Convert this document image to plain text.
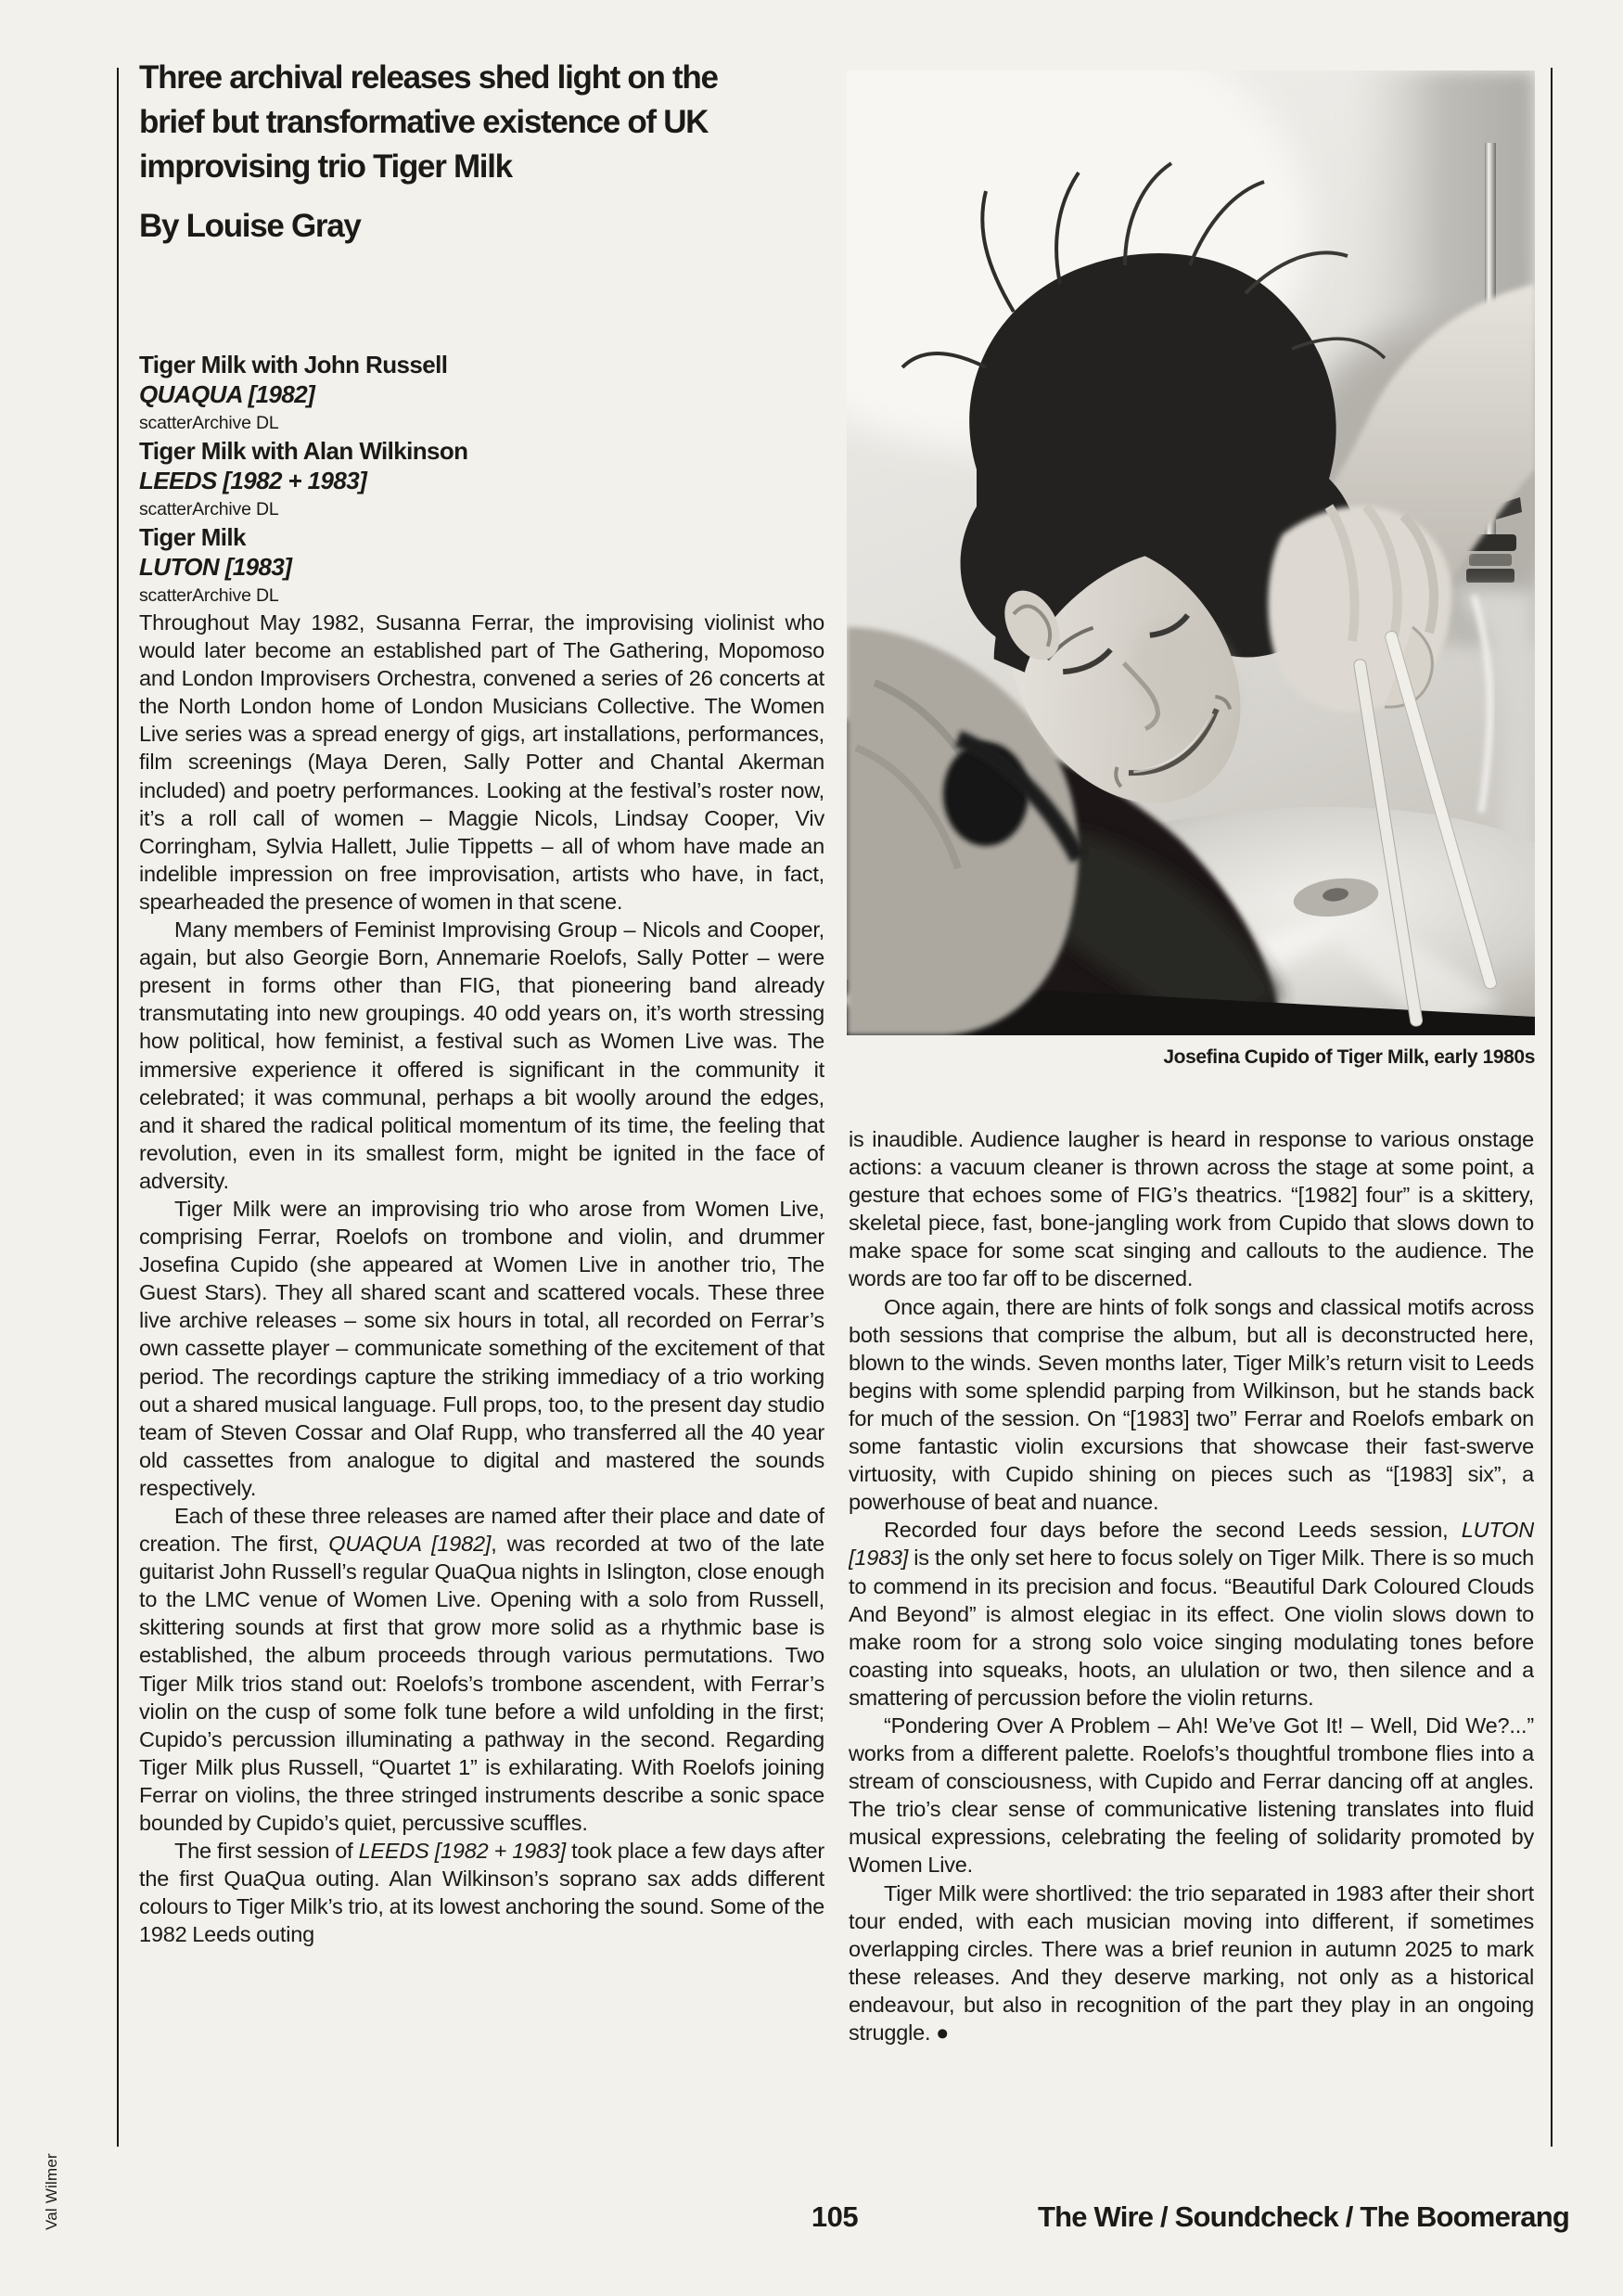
Three archival releases shed light on the
brief but transformative existence of UK
improvising trio Tiger Milk
By Louise Gray
Tiger Milk with John Russell
QUAQUA [1982]
scatterArchive DL
Tiger Milk with Alan Wilkinson
LEEDS [1982 + 1983]
scatterArchive DL
Tiger Milk
LUTON [1983]
scatterArchive DL

Throughout May 1982, Susanna Ferrar, the improvising violinist who would later become an established part of The Gathering, Mopomoso and London Improvisers Orchestra, convened a series of 26 concerts at the North London home of London Musicians Collective. The Women Live series was a spread energy of gigs, art installations, performances, film screenings (Maya Deren, Sally Potter and Chantal Akerman included) and poetry performances. Looking at the festival’s roster now, it’s a roll call of women – Maggie Nicols, Lindsay Cooper, Viv Corringham, Sylvia Hallett, Julie Tippetts – all of whom have made an indelible impression on free improvisation, artists who have, in fact, spearheaded the presence of women in that scene.

Many members of Feminist Improvising Group – Nicols and Cooper, again, but also Georgie Born, Annemarie Roelofs, Sally Potter – were present in forms other than FIG, that pioneering band already transmutating into new groupings. 40 odd years on, it’s worth stressing how political, how feminist, a festival such as Women Live was. The immersive experience it offered is significant in the community it celebrated; it was communal, perhaps a bit woolly around the edges, and it shared the radical political momentum of its time, the feeling that revolution, even in its smallest form, might be ignited in the face of adversity.

Tiger Milk were an improvising trio who arose from Women Live, comprising Ferrar, Roelofs on trombone and violin, and drummer Josefina Cupido (she appeared at Women Live in another trio, The Guest Stars). They all shared scant and scattered vocals. These three live archive releases – some six hours in total, all recorded on Ferrar’s own cassette player – communicate something of the excitement of that period. The recordings capture the striking immediacy of a trio working out a shared musical language. Full props, too, to the present day studio team of Steven Cossar and Olaf Rupp, who transferred all the 40 year old cassettes from analogue to digital and mastered the sounds respectively.

Each of these three releases are named after their place and date of creation. The first, QUAQUA [1982], was recorded at two of the late guitarist John Russell’s regular QuaQua nights in Islington, close enough to the LMC venue of Women Live. Opening with a solo from Russell, skittering sounds at first that grow more solid as a rhythmic base is established, the album proceeds through various permutations. Two Tiger Milk trios stand out: Roelofs’s trombone ascendent, with Ferrar’s violin on the cusp of some folk tune before a wild unfolding in the first; Cupido’s percussion illuminating a pathway in the second. Regarding Tiger Milk plus Russell, “Quartet 1” is exhilarating. With Roelofs joining Ferrar on violins, the three stringed instruments describe a sonic space bounded by Cupido’s quiet, percussive scuffles.

The first session of LEEDS [1982 + 1983] took place a few days after the first QuaQua outing. Alan Wilkinson’s soprano sax adds different colours to Tiger Milk’s trio, at its lowest anchoring the sound. Some of the 1982 Leeds outing

Josefina Cupido of Tiger Milk, early 1980s

is inaudible. Audience laugher is heard in response to various onstage actions: a vacuum cleaner is thrown across the stage at some point, a gesture that echoes some of FIG’s theatrics. “[1982] four” is a skittery, skeletal piece, fast, bone-jangling work from Cupido that slows down to make space for some scat singing and callouts to the audience. The words are too far off to be discerned.

Once again, there are hints of folk songs and classical motifs across both sessions that comprise the album, but all is deconstructed here, blown to the winds. Seven months later, Tiger Milk’s return visit to Leeds begins with some splendid parping from Wilkinson, but he stands back for much of the session. On “[1983] two” Ferrar and Roelofs embark on some fantastic violin excursions that showcase their fast-swerve virtuosity, with Cupido shining on pieces such as “[1983] six”, a powerhouse of beat and nuance.

Recorded four days before the second Leeds session, LUTON [1983] is the only set here to focus solely on Tiger Milk. There is so much to commend in its precision and focus. “Beautiful Dark Coloured Clouds And Beyond” is almost elegiac in its effect. One violin slows down to make room for a strong solo voice singing modulating tones before coasting into squeaks, hoots, an ululation or two, then silence and a smattering of percussion before the violin returns.

“Pondering Over A Problem – Ah! We’ve Got It! – Well, Did We?...” works from a different palette. Roelofs’s thoughtful trombone flies into a stream of consciousness, with Cupido and Ferrar dancing off at angles. The trio’s clear sense of communicative listening translates into fluid musical expressions, celebrating the feeling of solidarity promoted by Women Live.

Tiger Milk were shortlived: the trio separated in 1983 after their short tour ended, with each musician moving into different, if sometimes overlapping circles. There was a brief reunion in autumn 2025 to mark these releases. And they deserve marking, not only as a historical endeavour, but also in recognition of the part they play in an ongoing struggle. ●

Val Wilmer	105	The Wire / Soundcheck / The Boomerang
